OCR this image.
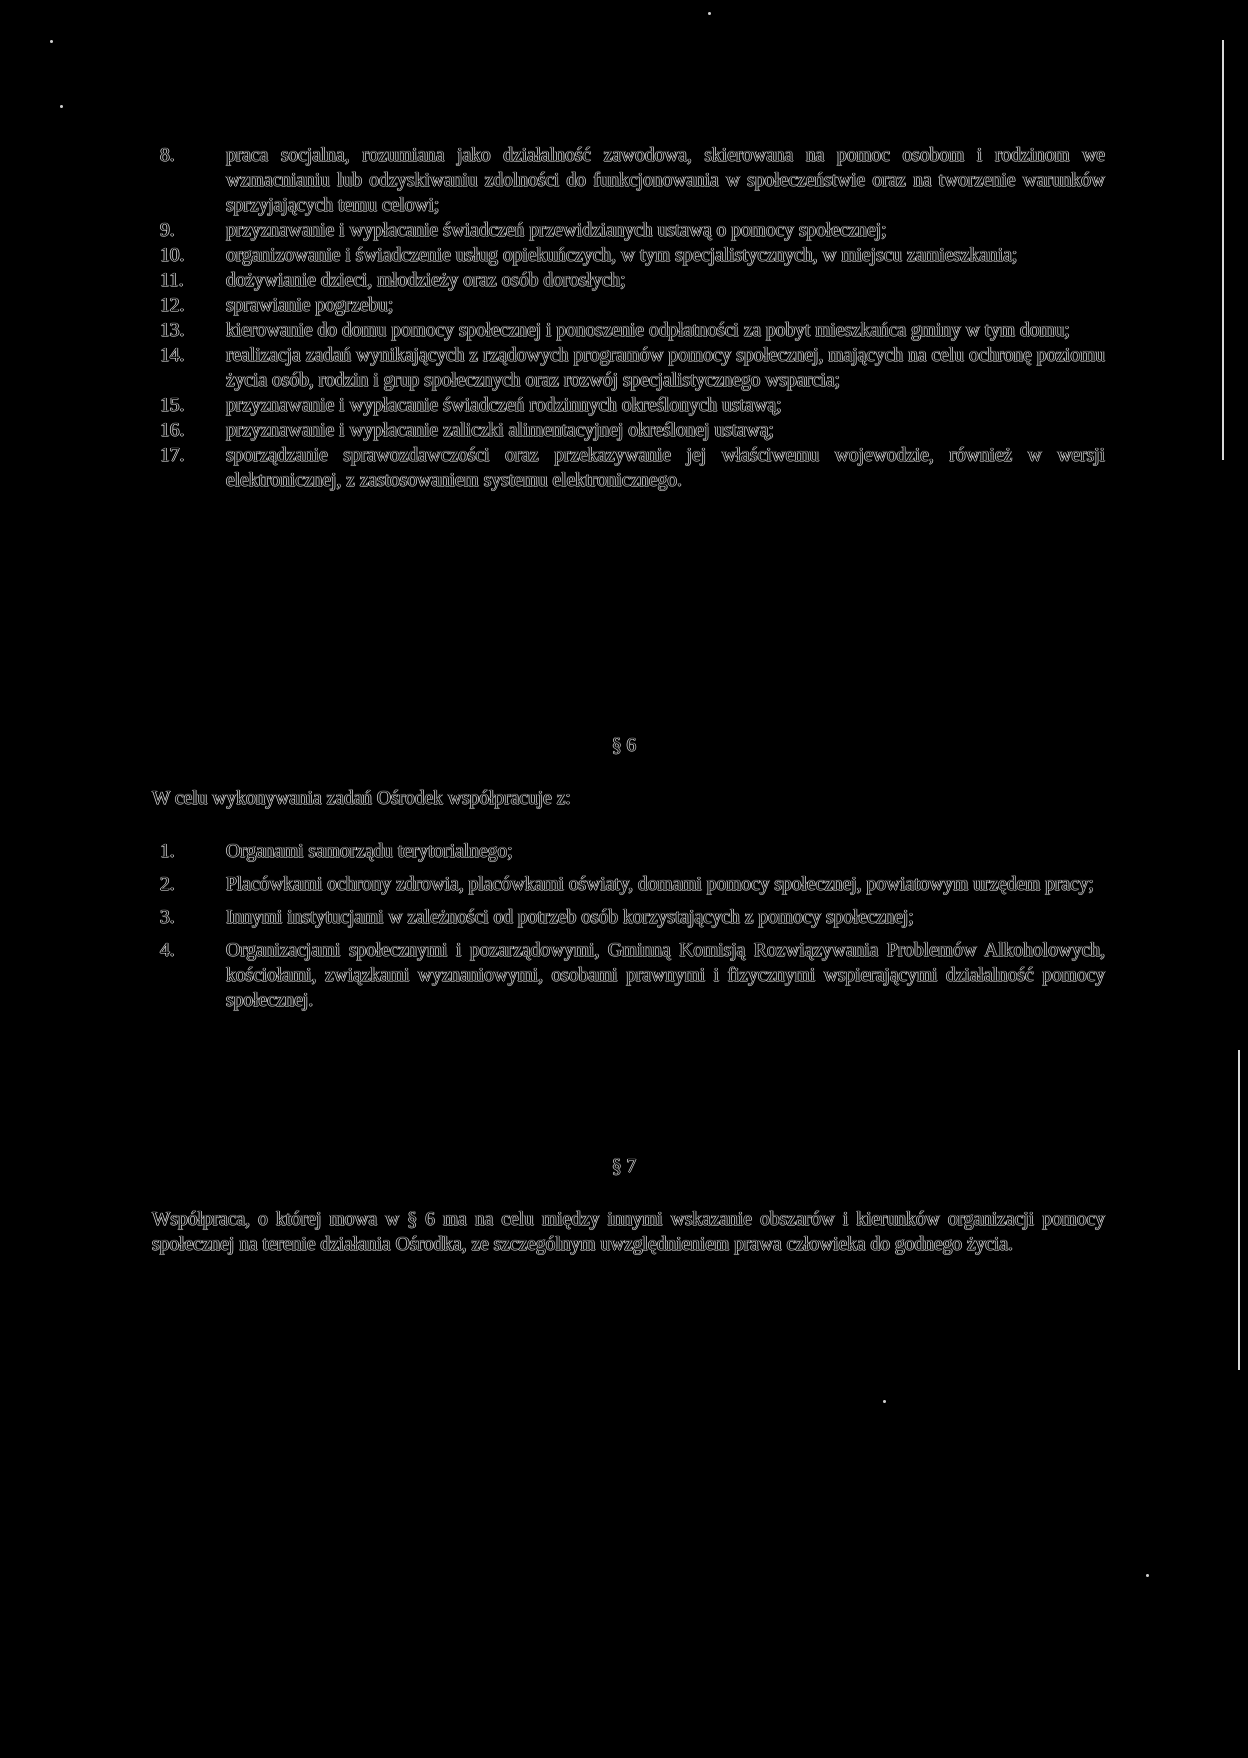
8.	praca socjalna, rozumiana jako działalność zawodowa, skierowana na pomoc osobom i rodzinom we wzmacnianiu lub odzyskiwaniu zdolności do funkcjonowania w społeczeństwie oraz na tworzenie warunków sprzyjających temu celowi;
9.	przyznawanie i wypłacanie świadczeń przewidzianych ustawą o pomocy społecznej;
10. organizowanie i świadczenie usług opiekuńczych, w tym specjalistycznych, w miejscu zamieszkania;
11. dożywianie dzieci, młodzieży oraz osób dorosłych;
12. sprawianie pogrzebu;
13. kierowanie do domu pomocy społecznej i ponoszenie odpłatności za pobyt mieszkańca gminy w tym domu;
14. realizacja zadań wynikających z rządowych programów pomocy społecznej, mających na celu ochronę poziomu życia osób, rodzin i grup społecznych oraz rozwój specjalistycznego wsparcia;
15. przyznawanie i wypłacanie świadczeń rodzinnych określonych ustawą;
16. przyznawanie i wypłacanie zaliczki alimentacyjnej określonej ustawą;
17. sporządzanie sprawozdawczości oraz przekazywanie jej właściwemu wojewodzie, również w wersji elektronicznej, z zastosowaniem systemu elektronicznego.
§ 6
W celu wykonywania zadań Ośrodek współpracuje z:
1.	Organami samorządu terytorialnego;
2.	Placówkami ochrony zdrowia, placówkami oświaty, domami pomocy społecznej, powiatowym urzędem pracy;
3.	Innymi instytucjami w zależności od potrzeb osób korzystających z pomocy społecznej;
4.	Organizacjami społecznymi i pozarządowymi, Gminną Komisją Rozwiązywania Problemów Alkoholowych, kościołami, związkami wyznaniowymi, osobami prawnymi i fizycznymi wspierającymi działalność pomocy społecznej.
§ 7
Współpraca, o której mowa w § 6 ma na celu między innymi wskazanie obszarów i kierunków organizacji pomocy społecznej na terenie działania Ośrodka, ze szczególnym uwzględnieniem prawa człowieka do godnego życia.
